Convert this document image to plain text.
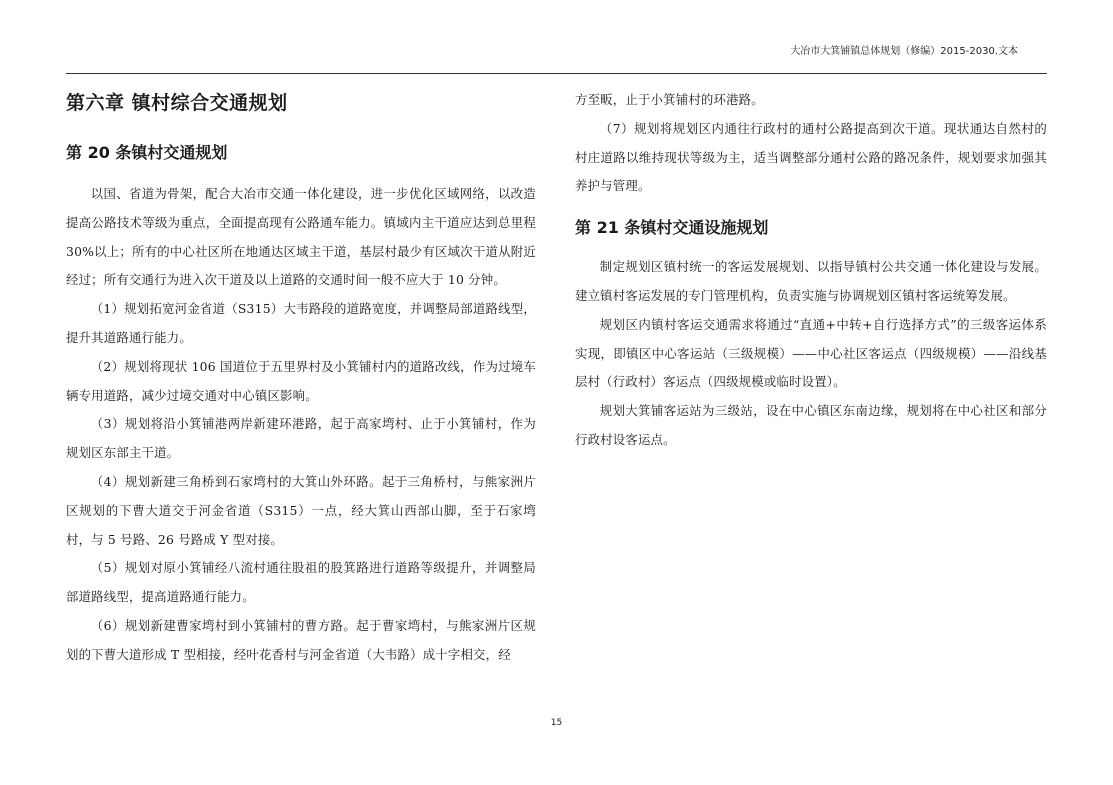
大冶市大箕铺镇总体规划（修编）2015-2030.文本
第六章 镇村综合交通规划
第 20 条镇村交通规划

以国、省道为骨架，配合大冶市交通一体化建设，进一步优化区域网络，以改造提高公路技术等级为重点，全面提高现有公路通车能力。镇域内主干道应达到总里程 30%以上；所有的中心社区所在地通达区域主干道，基层村最少有区域次干道从附近经过；所有交通行为进入次干道及以上道路的交通时间一般不应大于 10 分钟。

（1）规划拓宽河金省道（S315）大韦路段的道路宽度，并调整局部道路线型，提升其道路通行能力。

（2）规划将现状 106 国道位于五里界村及小箕铺村内的道路改线，作为过境车辆专用道路，减少过境交通对中心镇区影响。

（3）规划将沿小箕铺港两岸新建环港路，起于高家塆村、止于小箕铺村，作为规划区东部主干道。

（4）规划新建三角桥到石家塆村的大箕山外环路。起于三角桥村，与熊家洲片区规划的下曹大道交于河金省道（S315）一点，经大箕山西部山脚，至于石家塆村，与 5 号路、26 号路成 Y 型对接。

（5）规划对原小箕铺经八流村通往股祖的股箕路进行道路等级提升，并调整局部道路线型，提高道路通行能力。

（6）规划新建曹家塆村到小箕铺村的曹方路。起于曹家塆村，与熊家洲片区规划的下曹大道形成 T 型相接，经叶花香村与河金省道（大韦路）成十字相交，经

方至畈，止于小箕铺村的环港路。

（7）规划将规划区内通往行政村的通村公路提高到次干道。现状通达自然村的村庄道路以维持现状等级为主，适当调整部分通村公路的路况条件，规划要求加强其养护与管理。

第 21 条镇村交通设施规划

制定规划区镇村统一的客运发展规划、以指导镇村公共交通一体化建设与发展。建立镇村客运发展的专门管理机构，负责实施与协调规划区镇村客运统筹发展。

规划区内镇村客运交通需求将通过“直通+中转+自行选择方式”的三级客运体系实现，即镇区中心客运站（三级规模）——中心社区客运点（四级规模）——沿线基层村（行政村）客运点（四级规模或临时设置）。

规划大箕铺客运站为三级站，设在中心镇区东南边缘，规划将在中心社区和部分行政村设客运点。

15
